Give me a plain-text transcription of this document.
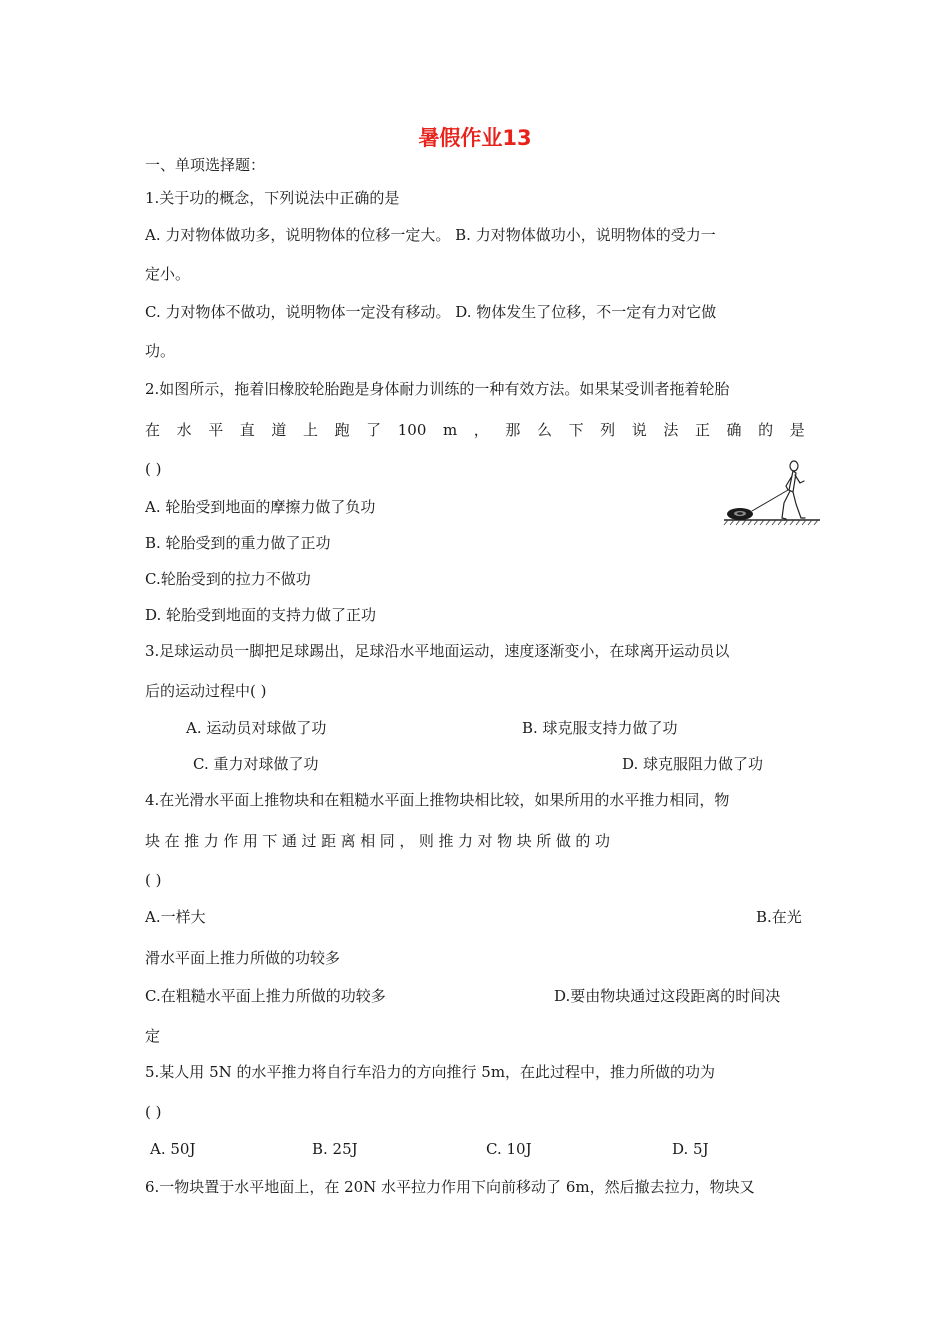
暑假作业13
一、单项选择题：
1.关于功的概念，下列说法中正确的是
A. 力对物体做功多，说明物体的位移一定大。 B. 力对物体做功小，说明物体的受力一
定小。
C. 力对物体不做功，说明物体一定没有移动。 D. 物体发生了位移，不一定有力对它做
功。
2.如图所示，拖着旧橡胶轮胎跑是身体耐力训练的一种有效方法。如果某受训者拖着轮胎
在 水 平 直 道 上 跑 了 100 m ， 那 么 下 列 说 法 正 确 的 是
( )
A. 轮胎受到地面的摩擦力做了负功
B. 轮胎受到的重力做了正功
C.轮胎受到的拉力不做功
D. 轮胎受到地面的支持力做了正功
3.足球运动员一脚把足球踢出，足球沿水平地面运动，速度逐渐变小，在球离开运动员以
后的运动过程中( )
A. 运动员对球做了功	B. 球克服支持力做了功
C. 重力对球做了功	D. 球克服阻力做了功
4.在光滑水平面上推物块和在粗糙水平面上推物块相比较，如果所用的水平推力相同，物
块 在 推 力 作 用 下 通 过 距 离 相 同 ， 则 推 力 对 物 块 所 做 的 功
( )
A.一样大	B.在光
滑水平面上推力所做的功较多
C.在粗糙水平面上推力所做的功较多	D.要由物块通过这段距离的时间决
定
5.某人用 5N 的水平推力将自行车沿力的方向推行 5m，在此过程中，推力所做的功为
( )
A. 50J	B. 25J	C. 10J	D. 5J
6.一物块置于水平地面上，在 20N 水平拉力作用下向前移动了 6m，然后撤去拉力，物块又
